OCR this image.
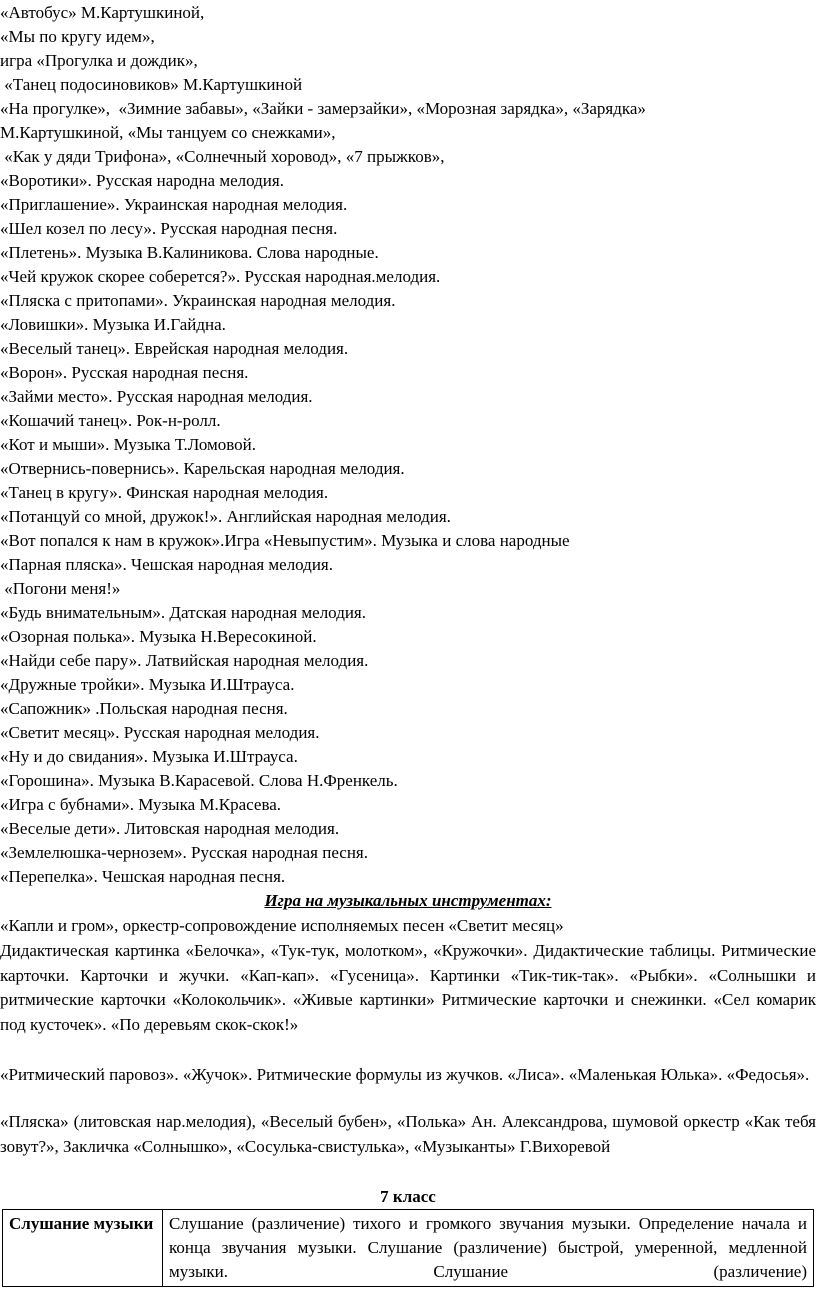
«Автобус» М.Картушкиной,
«Мы по кругу идем»,
игра «Прогулка и дождик»,
«Танец подосиновиков» М.Картушкиной
«На прогулке»,  «Зимние забавы», «Зайки - замерзайки», «Морозная зарядка», «Зарядка»
М.Картушкиной, «Мы танцуем со снежками»,
«Как у дяди Трифона», «Солнечный хоровод», «7 прыжков»,
«Воротики». Русская народна мелодия.
«Приглашение». Украинская народная мелодия.
«Шел козел по лесу». Русская народная песня.
«Плетень». Музыка В.Калиникова. Слова народные.
«Чей кружок скорее соберется?». Русская народная.мелодия.
«Пляска с притопами». Украинская народная мелодия.
«Ловишки». Музыка И.Гайдна.
«Веселый танец». Еврейская народная мелодия.
«Ворон». Русская народная песня.
«Займи место». Русская народная мелодия.
«Кошачий танец». Рок-н-ролл.
«Кот и мыши». Музыка Т.Ломовой.
«Отвернись-повернись». Карельская народная мелодия.
«Танец в кругу». Финская народная мелодия.
«Потанцуй со мной, дружок!». Английская народная мелодия.
«Вот попался к нам в кружок».Игра «Невыпустим». Музыка и слова народные
«Парная пляска». Чешская народная мелодия.
«Погони меня!»
«Будь внимательным». Датская народная мелодия.
«Озорная полька». Музыка Н.Вересокиной.
«Найди себе пару». Латвийская народная мелодия.
«Дружные тройки». Музыка И.Штрауса.
«Сапожник» .Польская народная песня.
«Светит месяц». Русская народная мелодия.
«Ну и до свидания». Музыка И.Штрауса.
«Горошина». Музыка В.Карасевой. Слова Н.Френкель.
«Игра с бубнами». Музыка М.Красева.
«Веселые дети». Литовская народная мелодия.
«Землелюшка-чернозем». Русская народная песня.
«Перепелка». Чешская народная песня.
Игра на музыкальных инструментах:
«Капли и гром», оркестр-сопровождение исполняемых песен «Светит месяц»
Дидактическая картинка «Белочка», «Тук-тук, молотком», «Кружочки». Дидактические таблицы. Ритмические карточки. Карточки и жучки. «Кап-кап». «Гусеница». Картинки «Тик-тик-так». «Рыбки». «Солнышки и ритмические карточки «Колокольчик». «Живые картинки» Ритмические карточки и снежинки. «Сел комарик под кусточек». «По деревьям скок-скок!»
«Ритмический паровоз». «Жучок». Ритмические формулы из жучков. «Лиса». «Маленькая Юлька». «Федосья».
«Пляска» (литовская нар.мелодия), «Веселый бубен», «Полька» Ан. Александрова, шумовой оркестр «Как тебя зовут?», Закличка «Солнышко», «Сосулька-свистулька», «Музыканты» Г.Вихоревой
7 класс
Слушание музыки	Слушание (различение) тихого и громкого звучания музыки. Определение начала и конца звучания музыки. Слушание (различение) быстрой, умеренной, медленной музыки. Слушание (различение)
